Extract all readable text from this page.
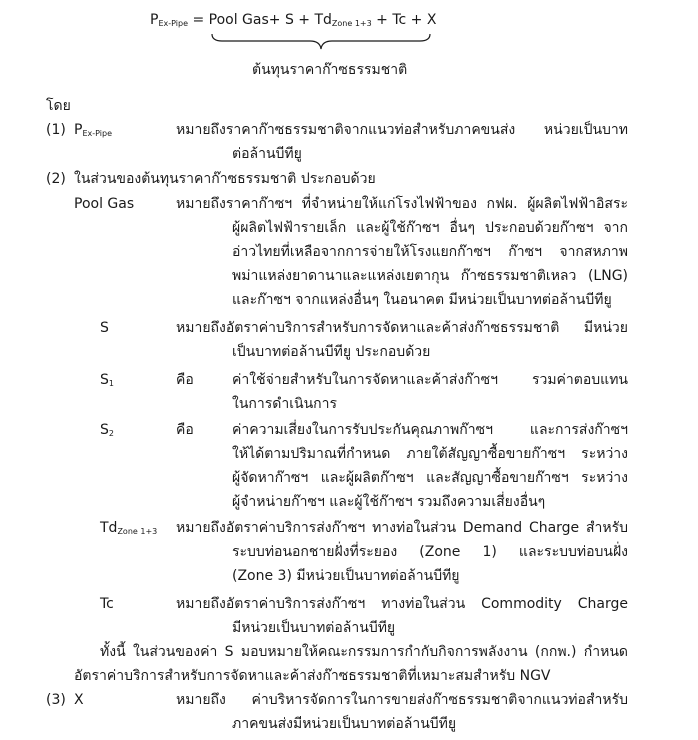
$P_{Ex-Pipe}$ = Pool $Gas+ S + Td_{Zone 1+3} + Tc + X$
ต้นทุนราคาก๊าซธรรมชาติ
โดย
(1) $P_{Ex-Pipe}$	หมายถึงราคาก๊าซธรรมชาติจากแนวท่อสำหรับภาคขนส่ง หน่วยเป็นบาท
ต่อล้านบีทียู
(2) ในส่วนของต้นทุนราคาก๊าซธรรมชาติ ประกอบด้วย
Pool Gas	หมายถึงราคาก๊าซฯ ที่จำหน่ายให้แก่โรงไฟฟ้าของ กฟผ. ผู้ผลิตไฟฟ้าอิสระ
ผู้ผลิตไฟฟ้ารายเล็ก และผู้ใช้ก๊าซฯ อื่นๆ ประกอบด้วยก๊าซฯ จาก
อ่าวไทยที่เหลือจากการจ่ายให้โรงแยกก๊าซฯ ก๊าซฯ จากสหภาพ
พม่าแหล่งยาดานาและแหล่งเยตากุน ก๊าซธรรมชาติเหลว (LNG)
และก๊าซฯ จากแหล่งอื่นๆ ในอนาคต มีหน่วยเป็นบาทต่อล้านบีทียู
S	หมายถึงอัตราค่าบริการสำหรับการจัดหาและค้าส่งก๊าซธรรมชาติ มีหน่วย
เป็นบาทต่อล้านบีทียู ประกอบด้วย
$S_1$	คือ	ค่าใช้จ่ายสำหรับในการจัดหาและค้าส่งก๊าซฯ รวมค่าตอบแทน
ในการดำเนินการ
$S_2$	คือ	ค่าความเสี่ยงในการรับประกันคุณภาพก๊าซฯ และการส่งก๊าซฯ
ให้ได้ตามปริมาณที่กำหนด ภายใต้สัญญาซื้อขายก๊าซฯ ระหว่าง
ผู้จัดหาก๊าซฯ และผู้ผลิตก๊าซฯ และสัญญาซื้อขายก๊าซฯ ระหว่าง
ผู้จำหน่ายก๊าซฯ และผู้ใช้ก๊าซฯ รวมถึงความเสี่ยงอื่นๆ
$Td_{Zone 1+3}$ หมายถึงอัตราค่าบริการส่งก๊าซฯ ทางท่อในส่วน Demand Charge สำหรับ
ระบบท่อนอกชายฝั่งที่ระยอง (Zone 1) และระบบท่อบนฝั่ง
(Zone 3) มีหน่วยเป็นบาทต่อล้านบีทียู
Tc	หมายถึงอัตราค่าบริการส่งก๊าซฯ ทางท่อในส่วน Commodity Charge
มีหน่วยเป็นบาทต่อล้านบีทียู
ทั้งนี้ ในส่วนของค่า S มอบหมายให้คณะกรรมการกำกับกิจการพลังงาน (กกพ.) กำหนด
อัตราค่าบริการสำหรับการจัดหาและค้าส่งก๊าซธรรมชาติที่เหมาะสมสำหรับ NGV
(3) X	หมายถึง ค่าบริหารจัดการในการขายส่งก๊าซธรรมชาติจากแนวท่อสำหรับ
ภาคขนส่งมีหน่วยเป็นบาทต่อล้านบีทียู
